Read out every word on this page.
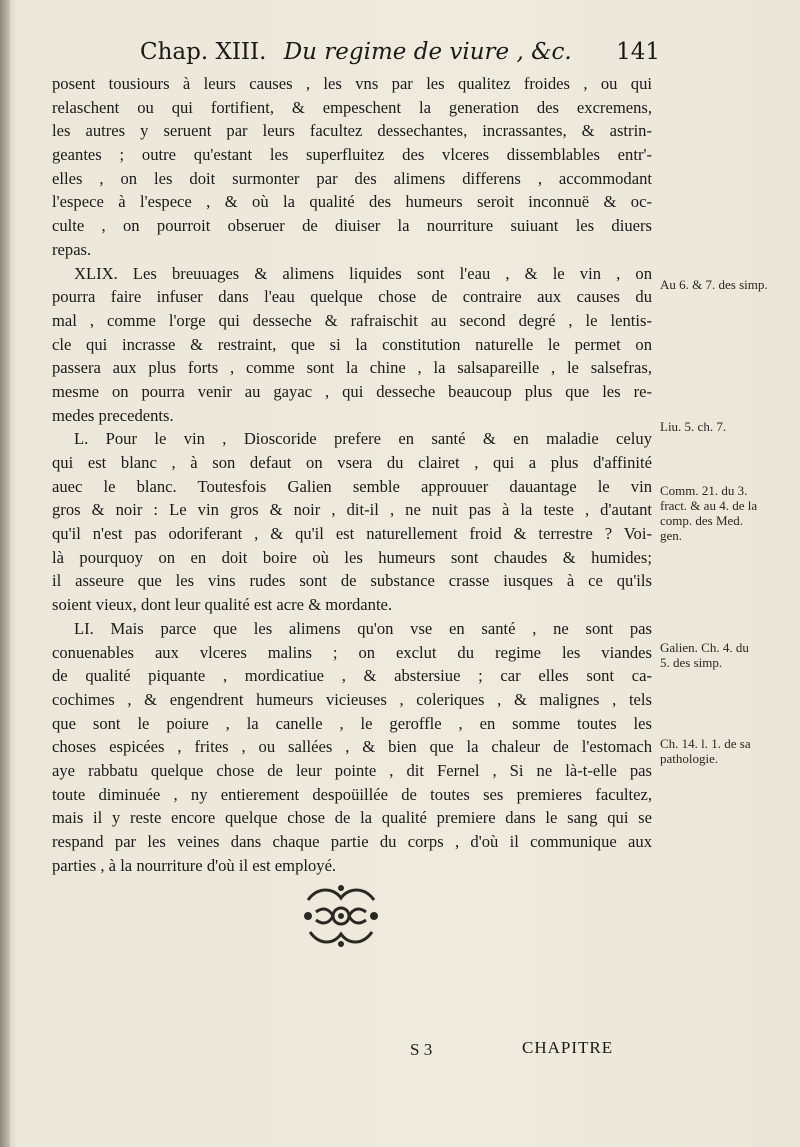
Chap. XIII. Du regime de viure , &c. 141
posent tousiours à leurs causes , les vns par les qualitez froides , ou qui
relaschent ou qui fortifient, & empeschent la generation des excremens,
les autres y seruent par leurs facultez dessechantes, incrassantes, & astrin-
geantes ; outre qu'estant les superfluitez des vlceres dissemblables entr'-
elles , on les doit surmonter par des alimens differens , accommodant
l'espece à l'espece , & où la qualité des humeurs seroit inconnuë & oc-
culte , on pourroit obseruer de diuiser la nourriture suiuant les diuers
repas.
XLIX. Les breuuages & alimens liquides sont l'eau , & le vin , on
pourra faire infuser dans l'eau quelque chose de contraire aux causes du
mal , comme l'orge qui desseche & rafraischit au second degré , le lentis-
cle qui incrasse & restraint, que si la constitution naturelle le permet on
passera aux plus forts , comme sont la chine , la salsapareille , le salsefras,
mesme on pourra venir au gayac , qui desseche beaucoup plus que les re-
medes precedents.
L. Pour le vin , Dioscoride prefere en santé & en maladie celuy
qui est blanc , à son defaut on vsera du clairet , qui a plus d'affinité
auec le blanc. Toutesfois Galien semble approuuer dauantage le vin
gros & noir : Le vin gros & noir , dit-il , ne nuit pas à la teste , d'autant
qu'il n'est pas odoriferant , & qu'il est naturellement froid & terrestre ? Voi-
là pourquoy on en doit boire où les humeurs sont chaudes & humides;
il asseure que les vins rudes sont de substance crasse iusques à ce qu'ils
soient vieux, dont leur qualité est acre & mordante.
LI. Mais parce que les alimens qu'on vse en santé , ne sont pas
conuenables aux vlceres malins ; on exclut du regime les viandes
de qualité piquante , mordicatiue , & abstersiue ; car elles sont ca-
cochimes , & engendrent humeurs vicieuses , coleriques , & malignes , tels
que sont le poiure , la canelle , le geroffle , en somme toutes les
choses espicées , frites , ou sallées , & bien que la chaleur de l'estomach
aye rabbatu quelque chose de leur pointe , dit Fernel , Si ne là-t-elle pas
toute diminuée , ny entierement despoüillée de toutes ses premieres facultez,
mais il y reste encore quelque chose de la qualité premiere dans le sang qui se
respand par les veines dans chaque partie du corps , d'où il communique aux
parties , à la nourriture d'où il est employé.
Au 6. & 7. des simp.
Liu. 5. ch. 7.
Comm. 21. du 3. fract. & au 4. de la comp. des Med. gen.
Galien. Ch. 4. du 5. des simp.
Ch. 14. l. 1. de sa pathologie.
S 3	CHAPITRE
